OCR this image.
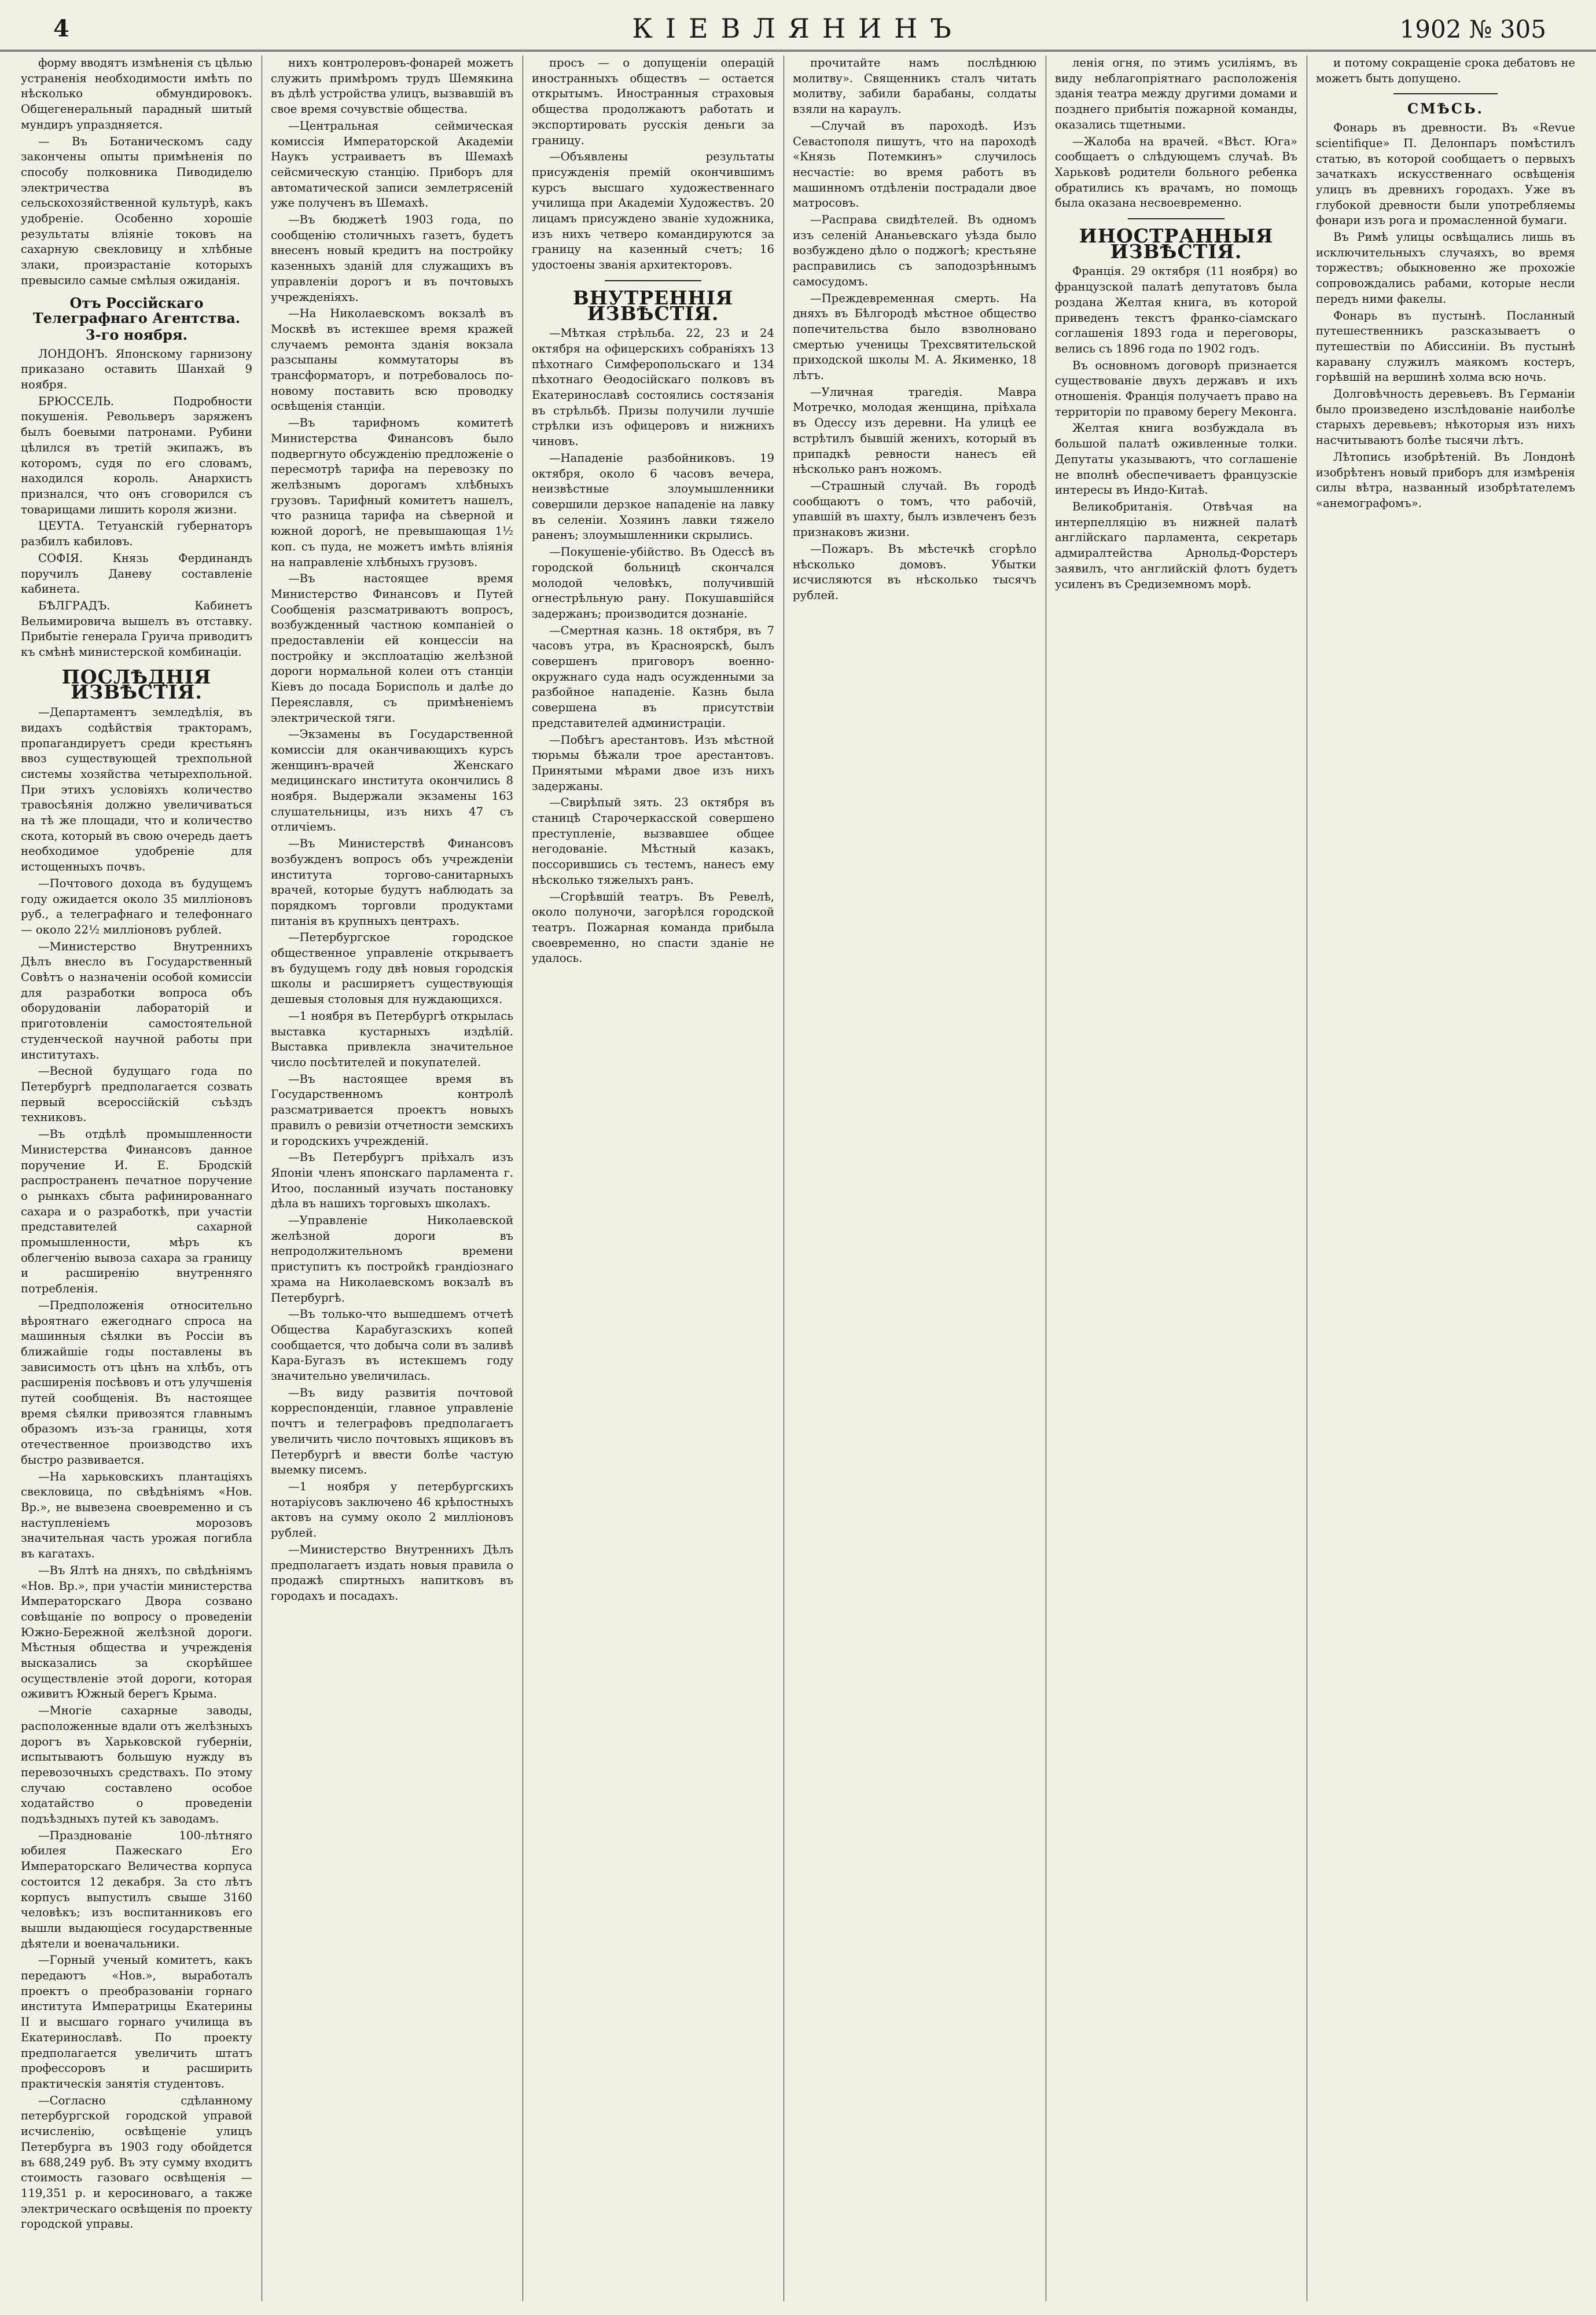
4	КІЕВЛЯНИНЪ	1902 № 305

форму вводятъ измѣненія съ цѣлью устраненія необходимости имѣть по нѣсколько обмундировокъ. Общегенеральный парадный шитый мундиръ упраздняется.

— Въ Ботаническомъ саду закончены опыты примѣненія по способу полковника Пиводиделю электричества въ сельскохозяйственной культурѣ, какъ удобреніе. Особенно хорошіе результаты вліяніе токовъ на сахарную свекловицу и хлѣбные злаки, произрастаніе которыхъ превысило самые смѣлыя ожиданія.

Отъ Россійскаго Телеграфнаго Агентства.
3-го ноября.

ЛОНДОНЪ. Японскому гарнизону приказано оставить Шанхай 9 ноября.

БРЮССЕЛЬ. Подробности покушенія. Револьверъ заряженъ былъ боевыми патронами. Рубини цѣлился въ третій экипажъ, въ которомъ, судя по его словамъ, находился король. Анархистъ признался, что онъ сговорился съ товарищами лишить короля жизни.

ЦЕУТА. Тетуанскій губернаторъ разбилъ кабиловъ.

СОФІЯ. Князь Фердинандъ поручилъ Даневу составленіе кабинета.

БѢЛГРАДЪ. Кабинетъ Вельимировича вышелъ въ отставку. Прибытіе генерала Груича приводитъ къ смѣнѣ министерской комбинаціи.

ПОСЛѢДНІЯ ИЗВѢСТІЯ.

—Департаментъ земледѣлія, въ видахъ содѣйствія тракторамъ, пропагандируетъ среди крестьянъ ввоз существующей трехпольной системы хозяйства четырехпольной. При этихъ условіяхъ количество травосѣянія должно увеличиваться на тѣ же площади, что и количество скота, который въ свою очередь даетъ необходимое удобреніе для истощенныхъ почвъ.

—Почтового дохода въ будущемъ году ожидается около 35 милліоновъ руб., а телеграфнаго и телефоннаго — около 22½ милліоновъ рублей.

—Министерство Внутреннихъ Дѣлъ внесло въ Государственный Совѣтъ о назначеніи особой комиссіи для разработки вопроса объ оборудованіи лабораторій и приготовленіи самостоятельной студенческой научной работы при институтахъ.

—Весной будущаго года по Петербургѣ предполагается созвать первый всероссійскій съѣздъ техниковъ.

—Въ отдѣлѣ промышленности Министерства Финансовъ данное поручение И. Е. Бродскій распространенъ печатное поручение о рынкахъ сбыта рафинированнаго сахара и о разработкѣ, при участіи представителей сахарной промышленности, мѣръ къ облегченію вывоза сахара за границу и расширенію внутренняго потребленія.

—Предположенія относительно вѣроятнаго ежегоднаго спроса на машинныя сѣялки въ Россіи въ ближайшіе годы поставлены въ зависимость отъ цѣнъ на хлѣбъ, отъ расширенія посѣвовъ и отъ улучшенія путей сообщенія. Въ настоящее время сѣялки привозятся главнымъ образомъ изъ-за границы, хотя отечественное производство ихъ быстро развивается.

—На харьковскихъ плантаціяхъ свекловица, по свѣдѣніямъ «Нов. Вр.», не вывезена своевременно и съ наступленіемъ морозовъ значительная часть урожая погибла въ кагатахъ.

—Въ Ялтѣ на дняхъ, по свѣдѣніямъ «Нов. Вр.», при участіи министерства Императорскаго Двора созвано совѣщаніе по вопросу о проведеніи Южно-Бережной желѣзной дороги. Мѣстныя общества и учрежденія высказались за скорѣйшее осуществленіе этой дороги, которая оживитъ Южный берегъ Крыма.

—Многіе сахарные заводы, расположенные вдали отъ желѣзныхъ дорогъ въ Харьковской губерніи, испытываютъ большую нужду въ перевозочныхъ средствахъ. По этому случаю составлено особое ходатайство о проведеніи подъѣздныхъ путей къ заводамъ.

—Празднованіе 100-лѣтняго юбилея Пажескаго Его Императорскаго Величества корпуса состоится 12 декабря. За сто лѣтъ корпусъ выпустилъ свыше 3160 человѣкъ; изъ воспитанниковъ его вышли выдающіеся государственные дѣятели и военачальники.

—Горный ученый комитетъ, какъ передаютъ «Нов.», выработалъ проектъ о преобразованіи горнаго института Императрицы Екатерины II и высшаго горнаго училища въ Екатеринославѣ. По проекту предполагается увеличить штатъ профессоровъ и расширить практическія занятія студентовъ.

—Согласно сдѣланному петербургской городской управой исчисленію, освѣщеніе улицъ Петербурга въ 1903 году обойдется въ 688,249 руб. Въ эту сумму входитъ стоимость газоваго освѣщенія — 119,351 р. и керосиноваго, а также электрическаго освѣщенія по проекту городской управы.

нихъ контролеровъ-фонарей можетъ служить примѣромъ трудъ Шемякина въ дѣлѣ устройства улицъ, вызвавшій въ свое время сочувствіе общества.

—Центральная сеймическая комиссія Императорской Академіи Наукъ устраиваетъ въ Шемахѣ сейсмическую станцію. Приборъ для автоматической записи землетрясеній уже полученъ въ Шемахѣ.

—Въ бюджетѣ 1903 года, по сообщенію столичныхъ газетъ, будетъ внесенъ новый кредитъ на постройку казенныхъ зданій для служащихъ въ управленіи дорогъ и въ почтовыхъ учрежденіяхъ.

—На Николаевскомъ вокзалѣ въ Москвѣ въ истекшее время кражей случаемъ ремонта зданія вокзала разсыпаны коммутаторы въ трансформаторъ, и потребовалось по-новому поставить всю проводку освѣщенія станціи.

—Въ тарифномъ комитетѣ Министерства Финансовъ было подвергнуто обсужденію предложеніе о пересмотрѣ тарифа на перевозку по желѣзнымъ дорогамъ хлѣбныхъ грузовъ. Тарифный комитетъ нашелъ, что разница тарифа на сѣверной и южной дорогѣ, не превышающая 1½ коп. съ пуда, не можетъ имѣть вліянія на направленіе хлѣбныхъ грузовъ.

—Въ настоящее время Министерство Финансовъ и Путей Сообщенія разсматриваютъ вопросъ, возбужденный частною компаніей о предоставленіи ей концессіи на постройку и эксплоатацію желѣзной дороги нормальной колеи отъ станціи Кіевъ до посада Борисполь и далѣе до Переяславля, съ примѣненіемъ электрической тяги.

—Экзамены въ Государственной комиссіи для оканчивающихъ курсъ женщинъ-врачей Женскаго медицинскаго института окончились 8 ноября. Выдержали экзамены 163 слушательницы, изъ нихъ 47 съ отличіемъ.

—Въ Министерствѣ Финансовъ возбужденъ вопросъ объ учрежденіи института торгово-санитарныхъ врачей, которые будутъ наблюдать за порядкомъ торговли продуктами питанія въ крупныхъ центрахъ.

—Петербургское городское общественное управленіе открываетъ въ будущемъ году двѣ новыя городскія школы и расширяетъ существующія дешевыя столовыя для нуждающихся.

—1 ноября въ Петербургѣ открылась выставка кустарныхъ издѣлій. Выставка привлекла значительное число посѣтителей и покупателей.

—Въ настоящее время въ Государственномъ контролѣ разсматривается проектъ новыхъ правилъ о ревизіи отчетности земскихъ и городскихъ учрежденій.

—Въ Петербургъ пріѣхалъ изъ Японіи членъ японскаго парламента г. Итоо, посланный изучать постановку дѣла въ нашихъ торговыхъ школахъ.

—Управленіе Николаевской желѣзной дороги въ непродолжительномъ времени приступитъ къ постройкѣ грандіознаго храма на Николаевскомъ вокзалѣ въ Петербургѣ.

—Въ только-что вышедшемъ отчетѣ Общества Карабугазскихъ копей сообщается, что добыча соли въ заливѣ Кара-Бугазъ въ истекшемъ году значительно увеличилась.

—Въ виду развитія почтовой корреспонденціи, главное управленіе почтъ и телеграфовъ предполагаетъ увеличить число почтовыхъ ящиковъ въ Петербургѣ и ввести болѣе частую выемку писемъ.

—1 ноября у петербургскихъ нотаріусовъ заключено 46 крѣпостныхъ актовъ на сумму около 2 милліоновъ рублей.

—Министерство Внутреннихъ Дѣлъ предполагаетъ издать новыя правила о продажѣ спиртныхъ напитковъ въ городахъ и посадахъ.

просъ — о допущеніи операцій иностранныхъ обществъ — остается открытымъ. Иностранныя страховыя общества продолжаютъ работать и экспортировать русскія деньги за границу.

—Объявлены результаты присужденія премій окончившимъ курсъ высшаго художественнаго училища при Академіи Художествъ. 20 лицамъ присуждено званіе художника, изъ нихъ четверо командируются за границу на казенный счетъ; 16 удостоены званія архитекторовъ.

ВНУТРЕННІЯ ИЗВѢСТІЯ.

—Мѣткая стрѣльба. 22, 23 и 24 октября на офицерскихъ собраніяхъ 13 пѣхотнаго Симферопольскаго и 134 пѣхотнаго Ѳеодосійскаго полковъ въ Екатеринославѣ состоялись состязанія въ стрѣльбѣ. Призы получили лучшіе стрѣлки изъ офицеровъ и нижнихъ чиновъ.

—Нападеніе разбойниковъ. 19 октября, около 6 часовъ вечера, неизвѣстные злоумышленники совершили дерзкое нападеніе на лавку въ селеніи. Хозяинъ лавки тяжело раненъ; злоумышленники скрылись.

—Покушеніе-убійство. Въ Одессѣ въ городской больницѣ скончался молодой человѣкъ, получившій огнестрѣльную рану. Покушавшійся задержанъ; производится дознаніе.

—Смертная казнь. 18 октября, въ 7 часовъ утра, въ Красноярскѣ, былъ совершенъ приговоръ военно-окружнаго суда надъ осужденными за разбойное нападеніе. Казнь была совершена въ присутствіи представителей администраціи.

—Побѣгъ арестантовъ. Изъ мѣстной тюрьмы бѣжали трое арестантовъ. Принятыми мѣрами двое изъ нихъ задержаны.

—Свирѣпый зять. 23 октября въ станицѣ Старочеркасской совершено преступленіе, вызвавшее общее негодованіе. Мѣстный казакъ, поссорившись съ тестемъ, нанесъ ему нѣсколько тяжелыхъ ранъ.

—Сгорѣвшій театръ. Въ Ревелѣ, около полуночи, загорѣлся городской театръ. Пожарная команда прибыла своевременно, но спасти зданіе не удалось.

прочитайте намъ послѣднюю молитву». Священникъ сталъ читать молитву, забили барабаны, солдаты взяли на караулъ.

—Случай въ пароходѣ. Изъ Севастополя пишутъ, что на пароходѣ «Князь Потемкинъ» случилось несчастіе: во время работъ въ машинномъ отдѣленіи пострадали двое матросовъ.

—Расправа свидѣтелей. Въ одномъ изъ селеній Ананьевскаго уѣзда было возбуждено дѣло о поджогѣ; крестьяне расправились съ заподозрѣннымъ самосудомъ.

—Преждевременная смерть. На дняхъ въ Бѣлгородѣ мѣстное общество попечительства было взволновано смертью ученицы Трехсвятительской приходской школы М. А. Якименко, 18 лѣтъ.

—Уличная трагедія. Мавра Мотречко, молодая женщина, пріѣхала въ Одессу изъ деревни. На улицѣ ее встрѣтилъ бывшій женихъ, который въ припадкѣ ревности нанесъ ей нѣсколько ранъ ножомъ.

—Страшный случай. Въ городѣ сообщаютъ о томъ, что рабочій, упавшій въ шахту, былъ извлеченъ безъ признаковъ жизни.

—Пожаръ. Въ мѣстечкѣ сгорѣло нѣсколько домовъ. Убытки исчисляются въ нѣсколько тысячъ рублей.

ленія огня, по этимъ усиліямъ, въ виду неблагопріятнаго расположенія зданія театра между другими домами и позднего прибытія пожарной команды, оказались тщетными.

—Жалоба на врачей. «Вѣст. Юга» сообщаетъ о слѣдующемъ случаѣ. Въ Харьковѣ родители больного ребенка обратились къ врачамъ, но помощь была оказана несвоевременно.

ИНОСТРАННЫЯ ИЗВѢСТІЯ.

Франція. 29 октября (11 ноября) во французской палатѣ депутатовъ была роздана Желтая книга, въ которой приведенъ текстъ франко-сіамскаго соглашенія 1893 года и переговоры, велись съ 1896 года по 1902 годъ.

Въ основномъ договорѣ признается существованіе двухъ державъ и ихъ отношенія. Франція получаетъ право на территоріи по правому берегу Меконга.

Желтая книга возбуждала въ большой палатѣ оживленные толки. Депутаты указываютъ, что соглашеніе не вполнѣ обеспечиваетъ французскіе интересы въ Индо-Китаѣ.

Великобританія. Отвѣчая на интерпелляцію въ нижней палатѣ англійскаго парламента, секретарь адмиралтейства Арнольд-Форстеръ заявилъ, что английскій флотъ будетъ усиленъ въ Средиземномъ морѣ.

и потому сокращеніе срока дебатовъ не можетъ быть допущено.

СМѢСЬ.

Фонарь въ древности. Въ «Revue scientifique» П. Делонпаръ помѣстилъ статью, въ которой сообщаетъ о первыхъ зачаткахъ искусственнаго освѣщенія улицъ въ древнихъ городахъ. Уже въ глубокой древности были употребляемы фонари изъ рога и промасленной бумаги.

Въ Римѣ улицы освѣщались лишь въ исключительныхъ случаяхъ, во время торжествъ; обыкновенно же прохожіе сопровождались рабами, которые несли передъ ними факелы.

Фонарь въ пустынѣ. Посланный путешественникъ разсказываетъ о путешествіи по Абиссиніи. Въ пустынѣ каравану служилъ маякомъ костеръ, горѣвшій на вершинѣ холма всю ночь.

Долговѣчность деревьевъ. Въ Германіи было произведено изслѣдованіе наиболѣе старыхъ деревьевъ; нѣкоторыя изъ нихъ насчитываютъ болѣе тысячи лѣтъ.

Лѣтопись изобрѣтеній. Въ Лондонѣ изобрѣтенъ новый приборъ для измѣренія силы вѣтра, названный изобрѣтателемъ «анемографомъ».
